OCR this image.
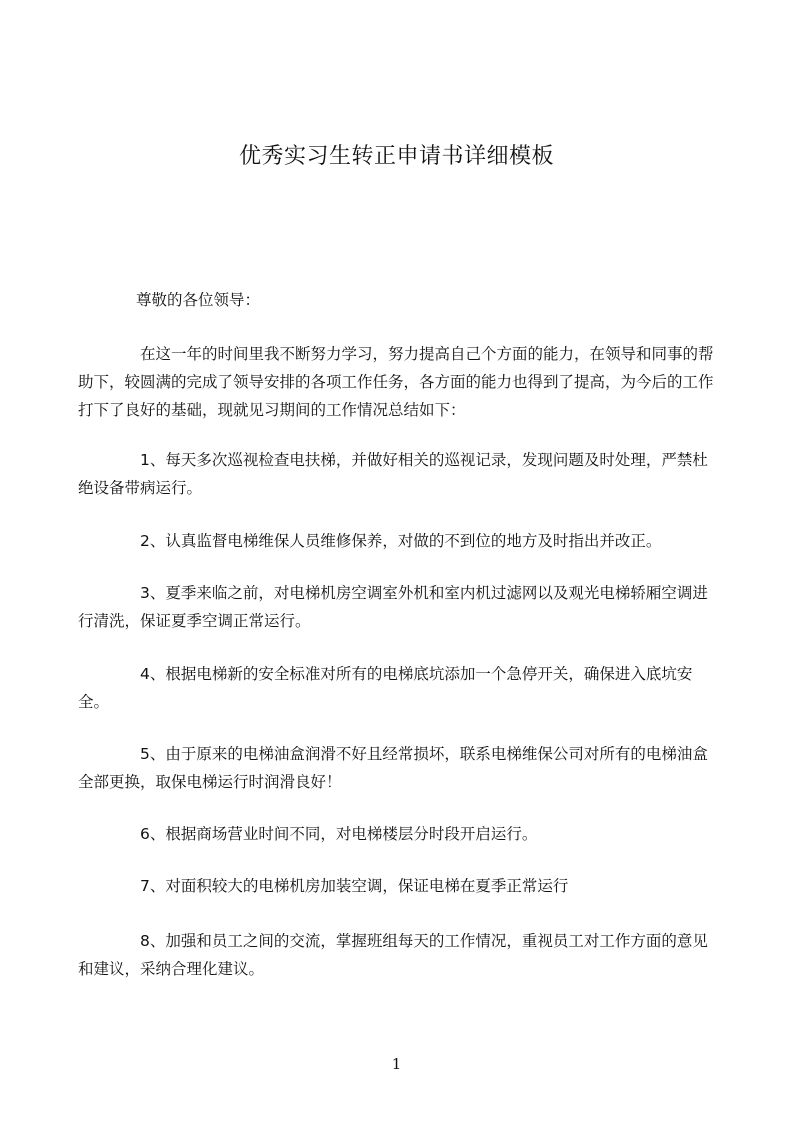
优秀实习生转正申请书详细模板
尊敬的各位领导：
在这一年的时间里我不断努力学习，努力提高自己个方面的能力，在领导和同事的帮助下，较圆满的完成了领导安排的各项工作任务，各方面的能力也得到了提高，为今后的工作打下了良好的基础，现就见习期间的工作情况总结如下：
1、每天多次巡视检查电扶梯，并做好相关的巡视记录，发现问题及时处理，严禁杜绝设备带病运行。
2、认真监督电梯维保人员维修保养，对做的不到位的地方及时指出并改正。
3、夏季来临之前，对电梯机房空调室外机和室内机过滤网以及观光电梯轿厢空调进行清洗，保证夏季空调正常运行。
4、根据电梯新的安全标准对所有的电梯底坑添加一个急停开关，确保进入底坑安全。
5、由于原来的电梯油盒润滑不好且经常损坏，联系电梯维保公司对所有的电梯油盒全部更换，取保电梯运行时润滑良好！
6、根据商场营业时间不同，对电梯楼层分时段开启运行。
7、对面积较大的电梯机房加装空调，保证电梯在夏季正常运行
8、加强和员工之间的交流，掌握班组每天的工作情况，重视员工对工作方面的意见和建议，采纳合理化建议。
1
